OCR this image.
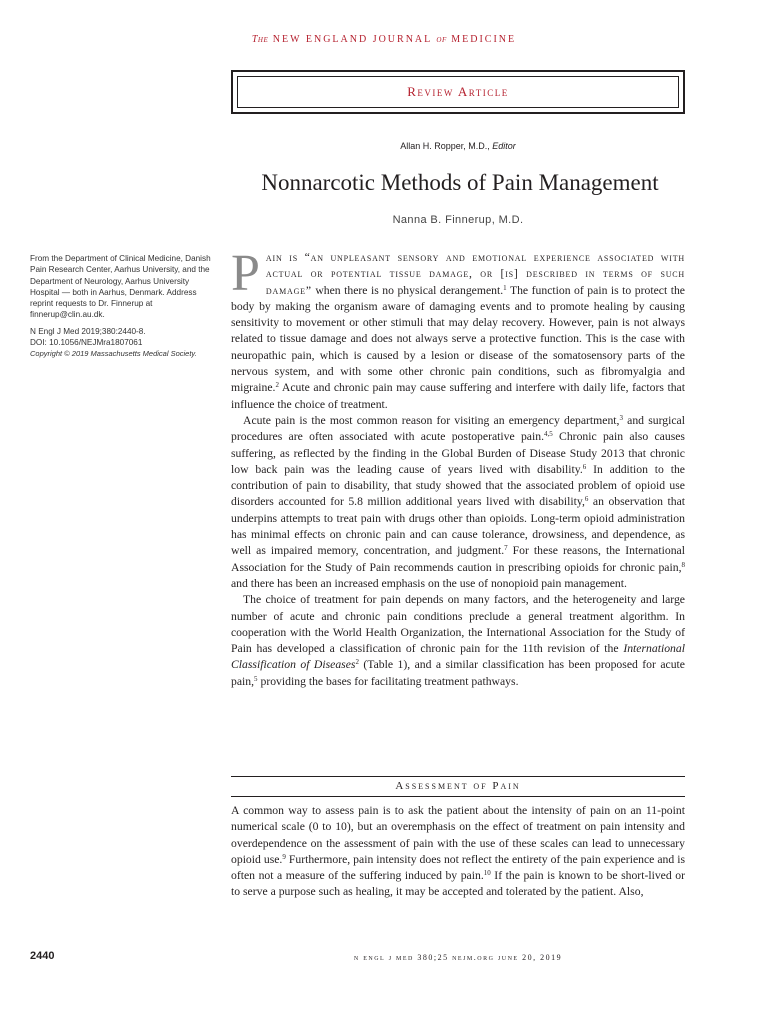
The NEW ENGLAND JOURNAL of MEDICINE
Review Article
Allan H. Ropper, M.D., Editor
Nonnarcotic Methods of Pain Management
Nanna B. Finnerup, M.D.

From the Department of Clinical Medicine, Danish Pain Research Center, Aarhus University, and the Department of Neurology, Aarhus University Hospital — both in Aarhus, Denmark. Address reprint requests to Dr. Finnerup at finnerup@clin.au.dk.

N Engl J Med 2019;380:2440-8.

DOI: 10.1056/NEJMra1807061

Copyright © 2019 Massachusetts Medical Society.

Pain is “an unpleasant sensory and emotional experience associated with actual or potential tissue damage, or [is] described in terms of such damage” when there is no physical derangement.$^1$ The function of pain is to protect the body by making the organism aware of damaging events and to promote healing by causing sensitivity to movement or other stimuli that may delay recovery. However, pain is not always related to tissue damage and does not always serve a protective function. This is the case with neuropathic pain, which is caused by a lesion or disease of the somatosensory parts of the nervous system, and with some other chronic pain conditions, such as fibromyalgia and migraine.$^2$ Acute and chronic pain may cause suffering and interfere with daily life, factors that influence the choice of treatment.

Acute pain is the most common reason for visiting an emergency department,$^3$ and surgical procedures are often associated with acute postoperative pain.$^{4,5}$ Chronic pain also causes suffering, as reflected by the finding in the Global Burden of Disease Study 2013 that chronic low back pain was the leading cause of years lived with disability.$^6$ In addition to the contribution of pain to disability, that study showed that the associated problem of opioid use disorders accounted for 5.8 million additional years lived with disability,$^6$ an observation that underpins attempts to treat pain with drugs other than opioids. Long-term opioid administration has minimal effects on chronic pain and can cause tolerance, drowsiness, and dependence, as well as impaired memory, concentration, and judgment.$^7$ For these reasons, the International Association for the Study of Pain recommends caution in prescribing opioids for chronic pain,$^8$ and there has been an increased emphasis on the use of nonopioid pain management.

The choice of treatment for pain depends on many factors, and the heterogeneity and large number of acute and chronic pain conditions preclude a general treatment algorithm. In cooperation with the World Health Organization, the International Association for the Study of Pain has developed a classification of chronic pain for the 11th revision of the International Classification of Diseases$^2$ (Table 1), and a similar classification has been proposed for acute pain,$^5$ providing the bases for facilitating treatment pathways.

Assessment of Pain

A common way to assess pain is to ask the patient about the intensity of pain on an 11-point numerical scale (0 to 10), but an overemphasis on the effect of treatment on pain intensity and overdependence on the assessment of pain with the use of these scales can lead to unnecessary opioid use.$^9$ Furthermore, pain intensity does not reflect the entirety of the pain experience and is often not a measure of the suffering induced by pain.$^{10}$ If the pain is known to be short-lived or to serve a purpose such as healing, it may be accepted and tolerated by the patient. Also,

2440	n engl j med 380;25 nejm.org june 20, 2019
